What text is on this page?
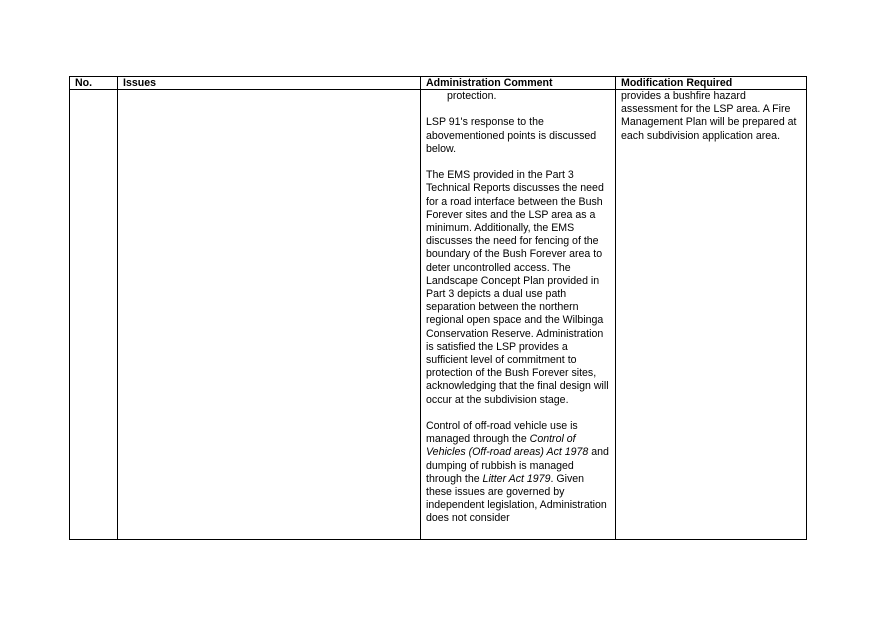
No.	Issues	Administration Comment	Modification Required

		protection.
LSP 91's response to the abovementioned points is discussed below.
The EMS provided in the Part 3 Technical Reports discusses the need for a road interface between the Bush Forever sites and the LSP area as a minimum. Additionally, the EMS discusses the need for fencing of the boundary of the Bush Forever area to deter uncontrolled access. The Landscape Concept Plan provided in Part 3 depicts a dual use path separation between the northern regional open space and the Wilbinga Conservation Reserve. Administration is satisfied the LSP provides a sufficient level of commitment to protection of the Bush Forever sites, acknowledging that the final design will occur at the subdivision stage.
Control of off-road vehicle use is managed through the Control of Vehicles (Off-road areas) Act 1978 and dumping of rubbish is managed through the Litter Act 1979. Given these issues are governed by independent legislation, Administration does not consider	provides a bushfire hazard assessment for the LSP area. A Fire Management Plan will be prepared at each subdivision application area.
